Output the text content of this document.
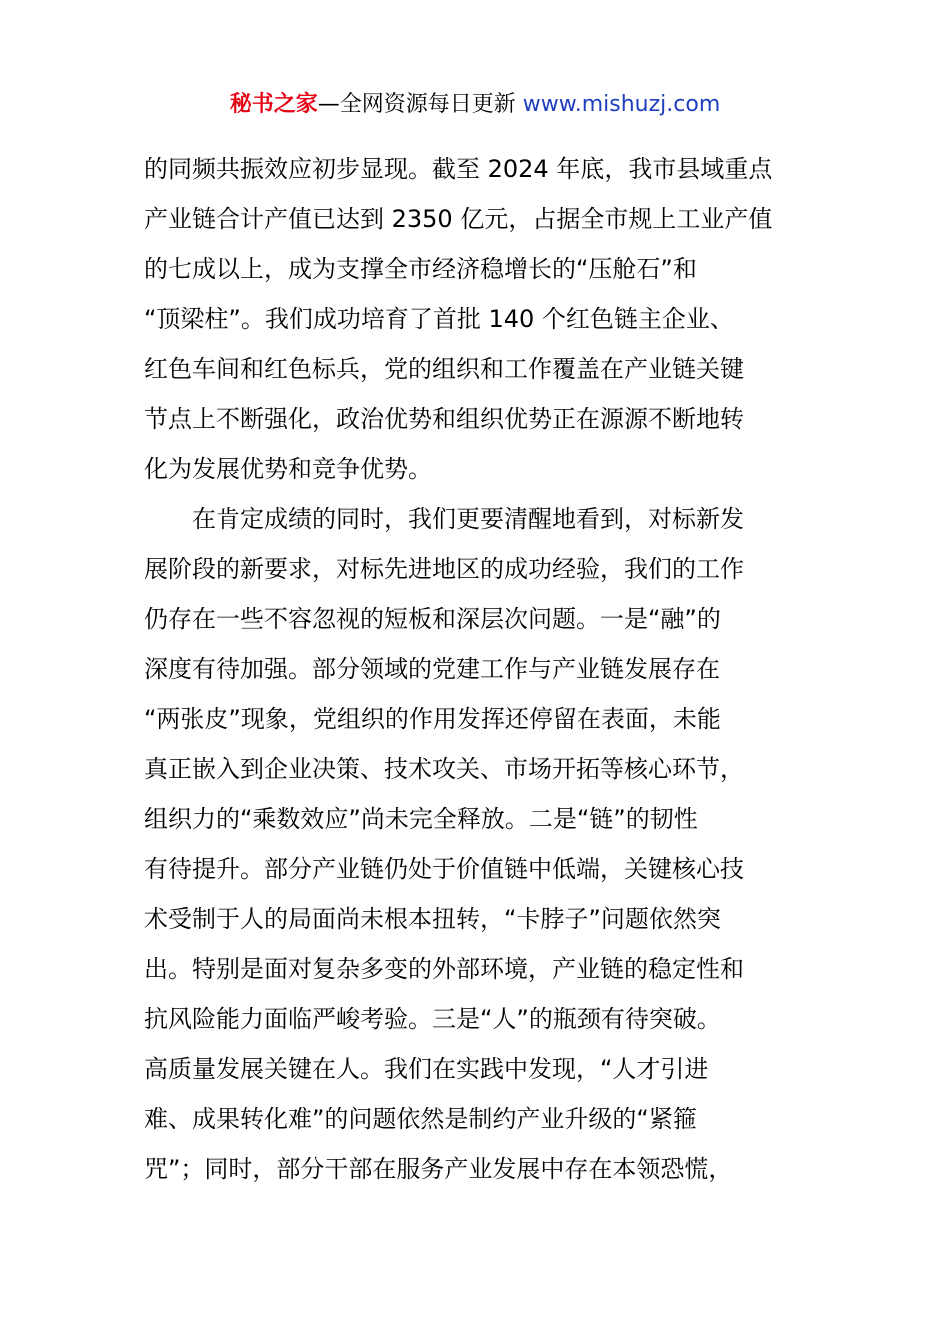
秘书之家—全网资源每日更新 www.mishuzj.com
的同频共振效应初步显现。截至 2024 年底，我市县域重点
产业链合计产值已达到 2350 亿元，占据全市规上工业产值
的七成以上，成为支撑全市经济稳增长的“压舱石”和
“顶梁柱”。我们成功培育了首批 140 个红色链主企业、
红色车间和红色标兵，党的组织和工作覆盖在产业链关键
节点上不断强化，政治优势和组织优势正在源源不断地转
化为发展优势和竞争优势。
在肯定成绩的同时，我们更要清醒地看到，对标新发
展阶段的新要求，对标先进地区的成功经验，我们的工作
仍存在一些不容忽视的短板和深层次问题。一是“融”的
深度有待加强。部分领域的党建工作与产业链发展存在
“两张皮”现象，党组织的作用发挥还停留在表面，未能
真正嵌入到企业决策、技术攻关、市场开拓等核心环节，
组织力的“乘数效应”尚未完全释放。二是“链”的韧性
有待提升。部分产业链仍处于价值链中低端，关键核心技
术受制于人的局面尚未根本扭转，“卡脖子”问题依然突
出。特别是面对复杂多变的外部环境，产业链的稳定性和
抗风险能力面临严峻考验。三是“人”的瓶颈有待突破。
高质量发展关键在人。我们在实践中发现，“人才引进
难、成果转化难”的问题依然是制约产业升级的“紧箍
咒”；同时，部分干部在服务产业发展中存在本领恐慌，
